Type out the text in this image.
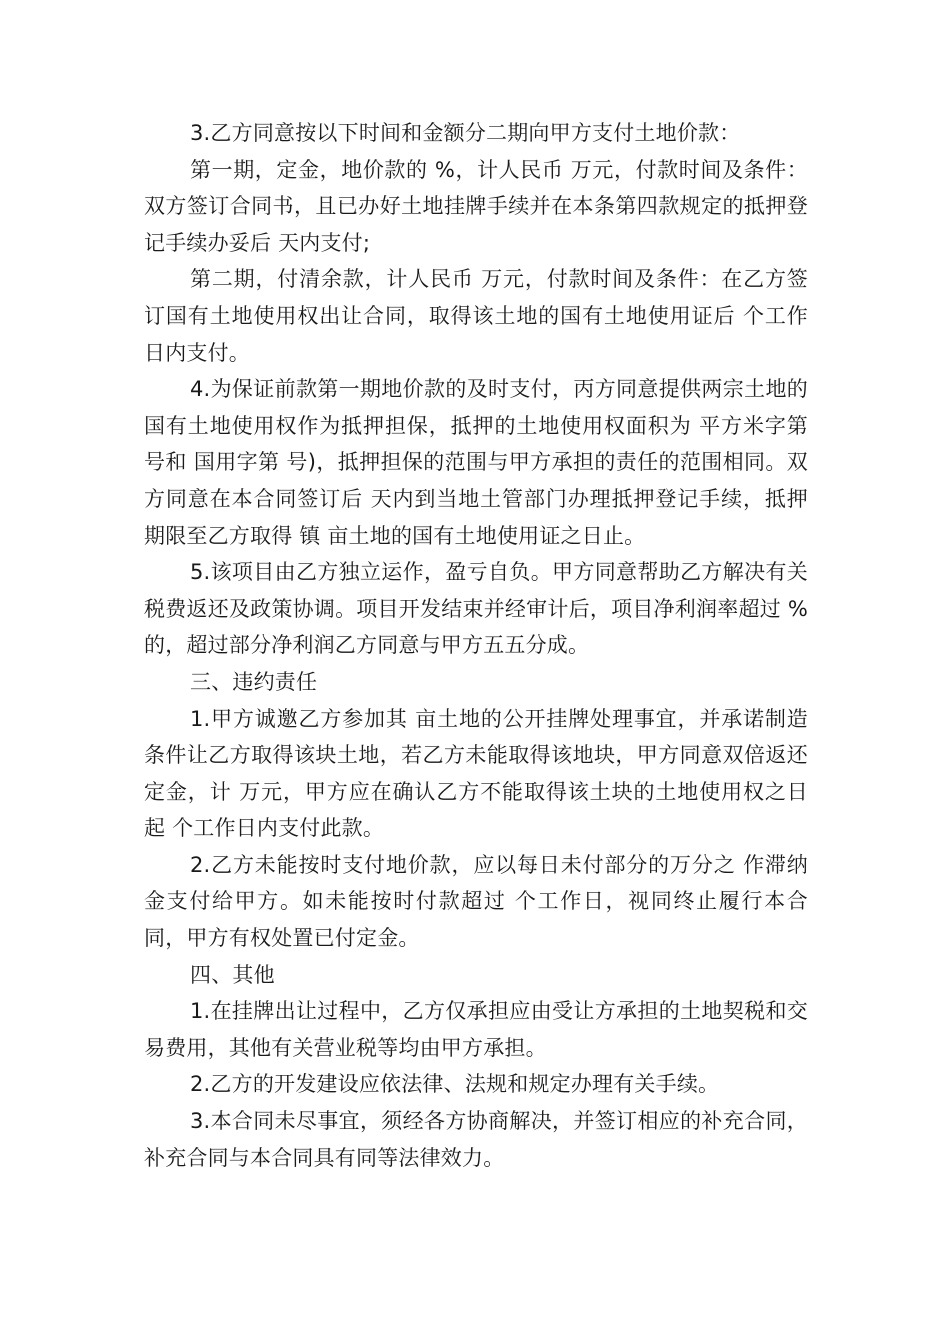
3.乙方同意按以下时间和金额分二期向甲方支付土地价款：

第一期，定金，地价款的 %，计人民币 万元，付款时间及条件：双方签订合同书，且已办好土地挂牌手续并在本条第四款规定的抵押登记手续办妥后 天内支付;

第二期，付清余款，计人民币 万元，付款时间及条件：在乙方签订国有土地使用权出让合同，取得该土地的国有土地使用证后 个工作日内支付。

4.为保证前款第一期地价款的及时支付，丙方同意提供两宗土地的国有土地使用权作为抵押担保，抵押的土地使用权面积为 平方米字第 号和 国用字第 号)，抵押担保的范围与甲方承担的责任的范围相同。双方同意在本合同签订后 天内到当地土管部门办理抵押登记手续，抵押期限至乙方取得 镇 亩土地的国有土地使用证之日止。

5.该项目由乙方独立运作，盈亏自负。甲方同意帮助乙方解决有关税费返还及政策协调。项目开发结束并经审计后，项目净利润率超过 %的，超过部分净利润乙方同意与甲方五五分成。

三、违约责任

1.甲方诚邀乙方参加其 亩土地的公开挂牌处理事宜，并承诺制造条件让乙方取得该块土地，若乙方未能取得该地块，甲方同意双倍返还定金，计 万元，甲方应在确认乙方不能取得该土块的土地使用权之日起 个工作日内支付此款。

2.乙方未能按时支付地价款，应以每日未付部分的万分之 作滞纳金支付给甲方。如未能按时付款超过 个工作日，视同终止履行本合同，甲方有权处置已付定金。

四、其他

1.在挂牌出让过程中，乙方仅承担应由受让方承担的土地契税和交易费用，其他有关营业税等均由甲方承担。

2.乙方的开发建设应依法律、法规和规定办理有关手续。

3.本合同未尽事宜，须经各方协商解决，并签订相应的补充合同，补充合同与本合同具有同等法律效力。
